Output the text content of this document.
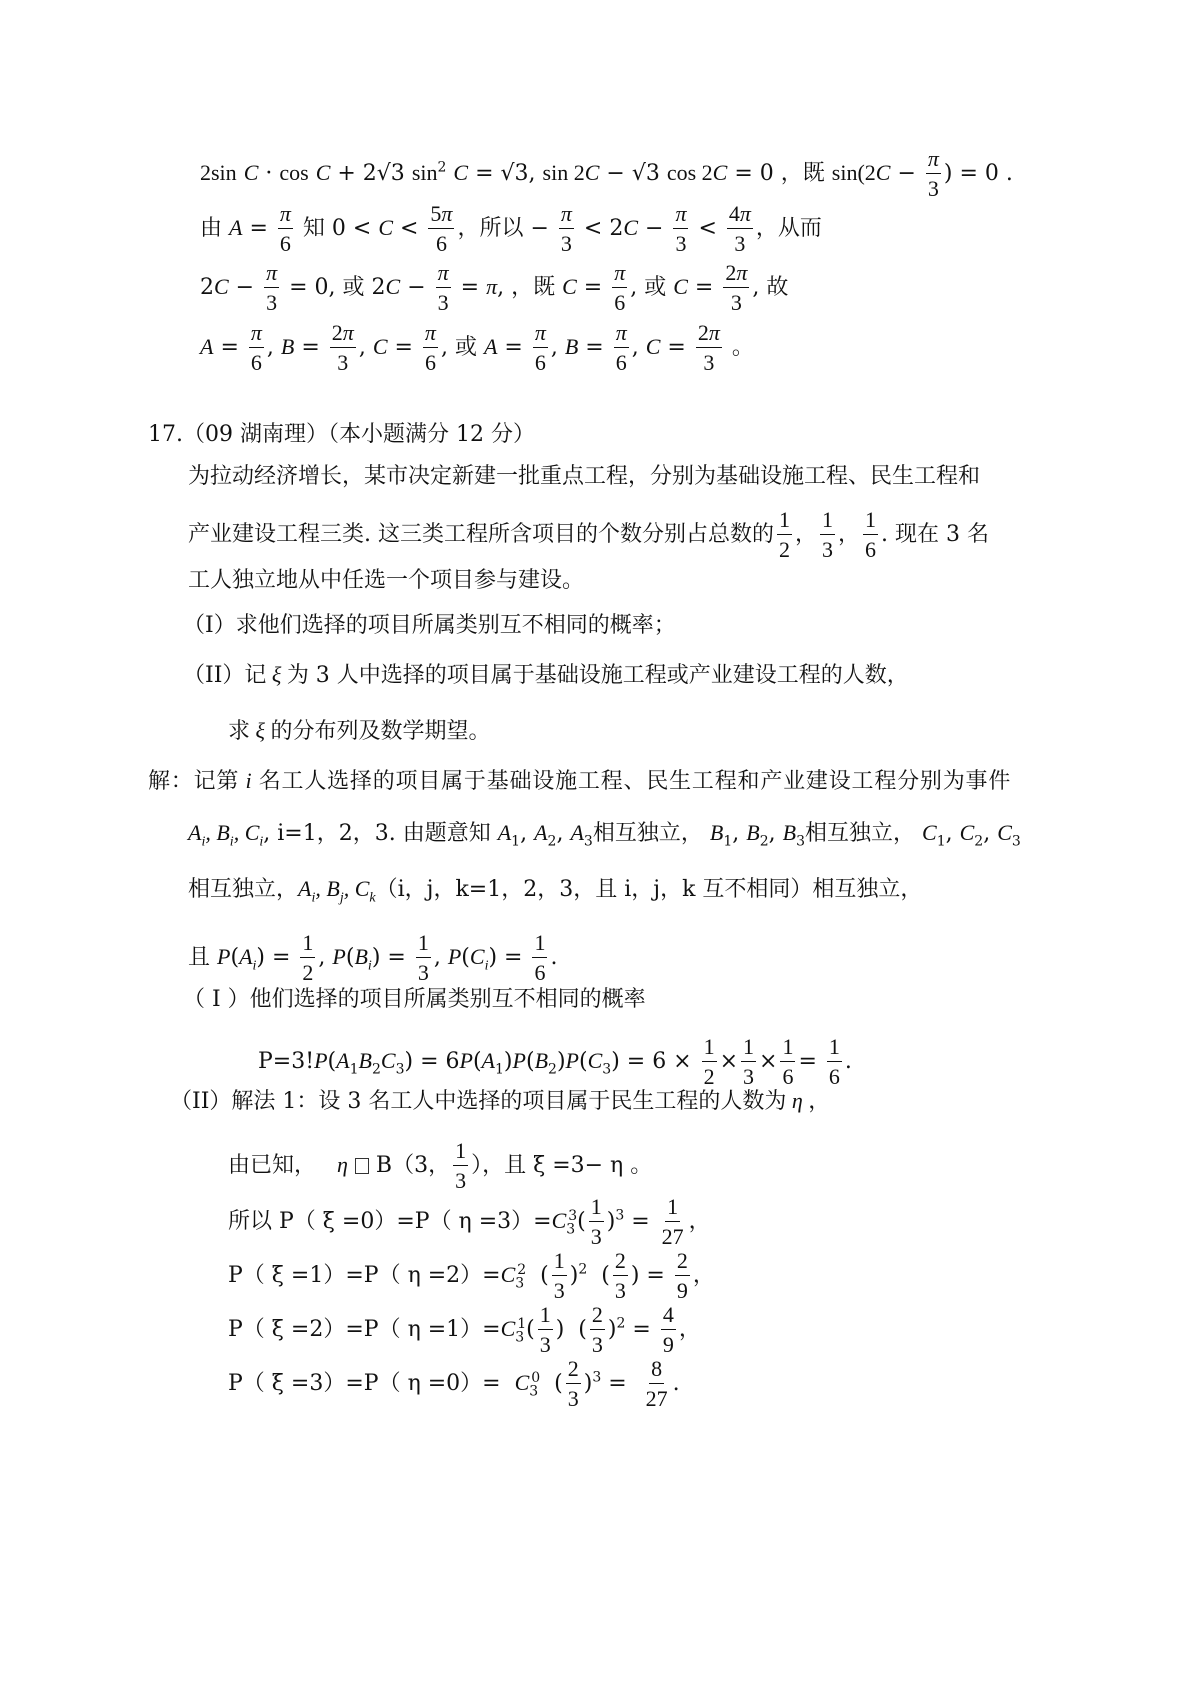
2sin C · cos C + 2√3 $\sin^2 C = √3$, sin 2C − √3 cos 2C = 0 ，既 $\sin(2C - \frac{\pi}{3}$ ) = 0 .
由 $A = \frac{\pi}{6}$ 知 $0 < C < \frac{5\pi}{6}$ ，所以 − $\frac{\pi}{3} < 2C - \frac{\pi}{3} < \frac{4\pi}{3}$ ，从而
$2C - \frac{\pi}{3} = 0$, 或 $2C - \frac{\pi}{3} = \pi$, ，既 $C = \frac{\pi}{6}$ , 或 $C = \frac{2\pi}{3}$ , 故
$A = \frac{\pi}{6}$ , $B = \frac{2\pi}{3}$ , $C = \frac{\pi}{6}$ , 或 $A = \frac{\pi}{6}$ , $B = \frac{\pi}{6}$ , $C = \frac{2\pi}{3}$ 。
17.（09 湖南理）（本小题满分 12 分）
为拉动经济增长，某市决定新建一批重点工程，分别为基础设施工程、民生工程和
产业建设工程三类. 这三类工程所含项目的个数分别占总数的 $\frac{1}{2}$ ， $\frac{1}{3}$ ， $\frac{1}{6}$ . 现在 3 名
工人独立地从中任选一个项目参与建设。
（I）求他们选择的项目所属类别互不相同的概率；
（II）记 ξ 为 3 人中选择的项目属于基础设施工程或产业建设工程的人数，
求 ξ 的分布列及数学期望。
解：记第 i 名工人选择的项目属于基础设施工程、民生工程和产业建设工程分别为事件
$A_i$, $B_i$, $C_i$, i=1，2，3. 由题意知 $A_1$, $A_2$, $A_3$相互独立， $B_1$, $B_2$, $B_3$相互独立， $C_1$, $C_2$, $C_3$
相互独立，$A_i$, $B_j$, $C_k(i$，j，k=1，2，3，且 i，j，k 互不相同）相互独立，
且 $P(A_i) = \frac{1}{2}$ , $P(B_i) = \frac{1}{3}$ , $P(C_i) = \frac{1}{6}$ .
（ I ）他们选择的项目所属类别互不相同的概率
$P=3!P(A_1B_2C_3) = 6P(A_1)P(B_2)P(C_3) = 6 \times \frac{1}{2} \times \frac{1}{3} \times \frac{1}{6} = \frac{1}{6}$ .
（II）解法 1：设 3 名工人中选择的项目属于民生工程的人数为 η ，
由已知， η B（3， $\frac{1}{3}$ ），且 ξ =3− η 。
所以 P（ ξ =0）=P（ $\eta =3)=C_3^3( \frac{1}{3} )^3 = \frac{1}{27}$ ，
P（ ξ =1）=P（ $\eta =2)=C_3^2$  ( $\frac{1}{3} )^2$  ( $\frac{2}{3}$ ) = $\frac{2}{9}$ ，
P（ ξ =2）=P（ $\eta =1)=C_3^1( \frac{1}{3}$ )  ( $\frac{2}{3} )^2 = \frac{4}{9}$ ，
P（ ξ =3）=P（ $\eta =0)= C_3^0$  ( $\frac{2}{3} )^3 = \frac{8}{27}$ .
